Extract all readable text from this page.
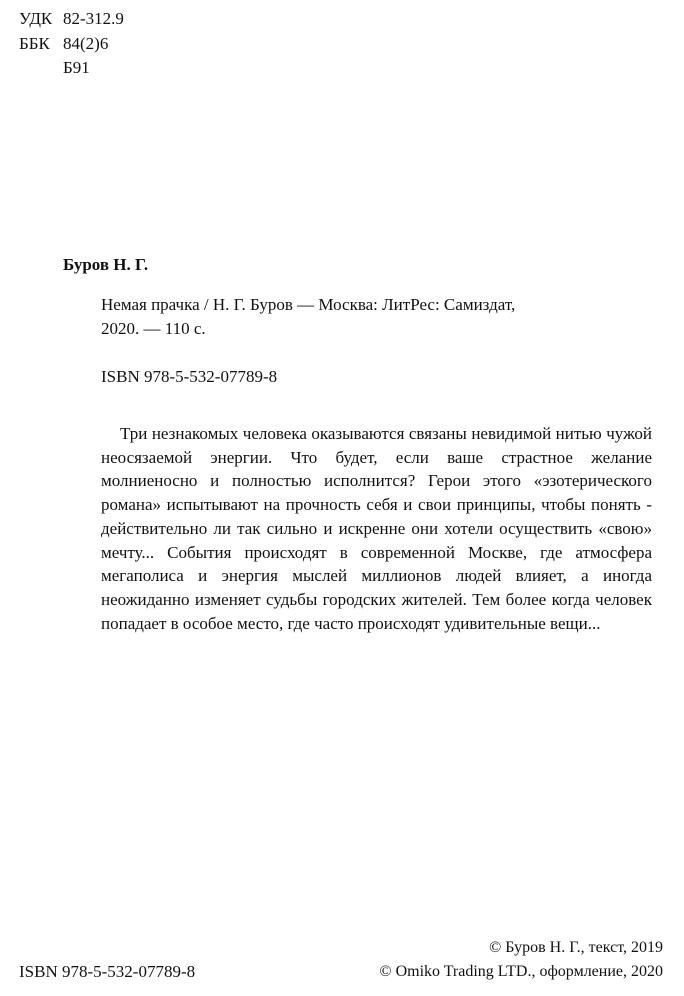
УДК 82-312.9
ББК 84(2)6
Б91
Буров Н. Г.
Немая прачка / Н. Г. Буров — Москва: ЛитРес: Самиздат,
2020. — 110 с.
ISBN 978-5-532-07789-8
Три незнакомых человека оказываются связаны невидимой нитью чужой неосязаемой энергии. Что будет, если ваше страстное желание молниеносно и полностью исполнится? Герои этого «эзотерического романа» испытывают на прочность себя и свои принципы, чтобы понять - действительно ли так сильно и искренне они хотели осуществить «свою» мечту... События происходят в современной Москве, где атмосфера мегаполиса и энергия мыслей миллионов людей влияет, а иногда неожиданно изменяет судьбы городских жителей. Тем более когда человек попадает в особое место, где часто происходят удивительные вещи...
ISBN 978-5-532-07789-8
© Буров Н. Г., текст, 2019
© Omiko Trading LTD., оформление, 2020
